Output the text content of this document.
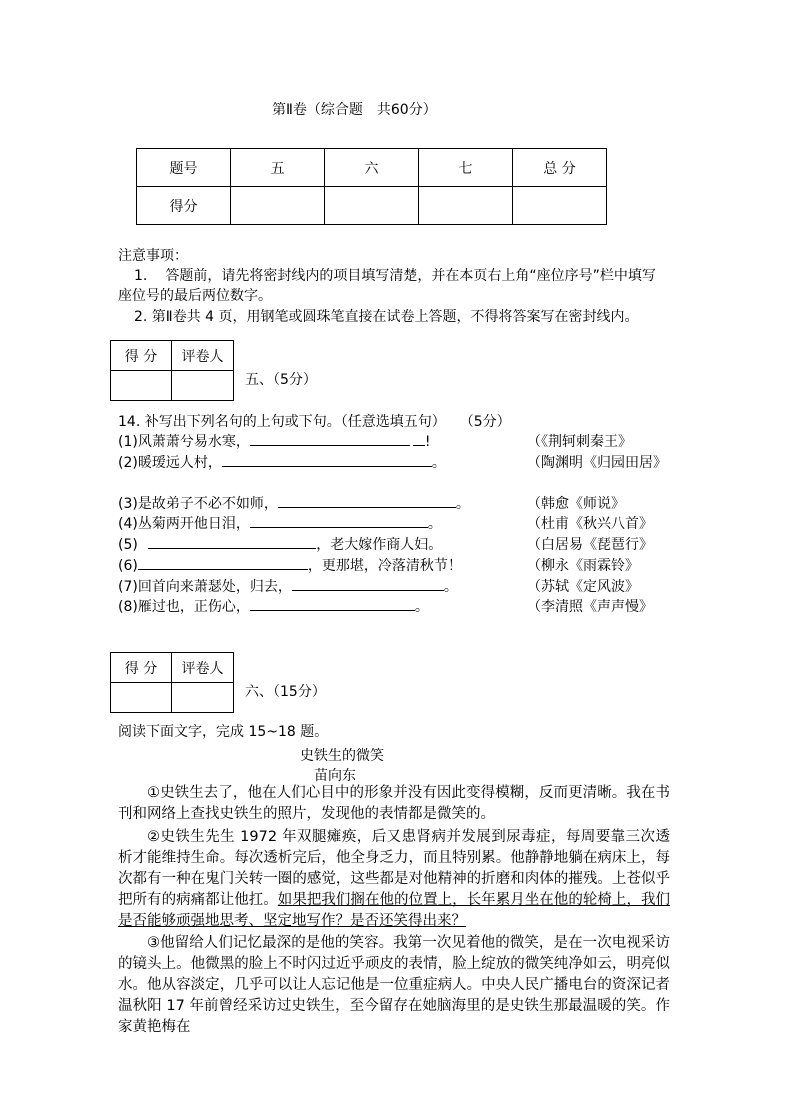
第Ⅱ卷（综合题　共60分）
题号	五	六	七	总 分
得分				
注意事项：
1. 答题前，请先将密封线内的项目填写清楚，并在本页右上角“座位序号”栏中填写
座位号的最后两位数字。
2. 第Ⅱ卷共 4 页，用钢笔或圆珠笔直接在试卷上答题，不得将答案写在密封线内。
得 分	评卷人

五、（5分）
14. 补写出下列名句的上句或下句。（任意选填五句）　　（5分）
(1)风萧萧兮易水寒，	!	（《荆轲刺秦王》
(2)暖瑷远人村，	。	（陶渊明《归园田居》
(3)是故弟子不必不如师，	。	（韩愈《师说》
(4)丛菊两开他日泪，	。	（杜甫《秋兴八首》
(5)	，老大嫁作商人妇。	（白居易《琵琶行》
(6)	，更那堪，冷落清秋节！	（柳永《雨霖铃》
(7)回首向来萧瑟处，归去，	。	（苏轼《定风波》
(8)雁过也，正伤心，	。	（李清照《声声慢》
得 分	评卷人

六、（15分）
阅读下面文字，完成 15~18 题。
史铁生的微笑
苗向东
①史铁生去了，他在人们心目中的形象并没有因此变得模糊，反而更清晰。我在书刊和网络上查找史铁生的照片，发现他的表情都是微笑的。
②史铁生先生 1972 年双腿瘫痪，后又患肾病并发展到尿毒症，每周要靠三次透析才能维持生命。每次透析完后，他全身乏力，而且特别累。他静静地躺在病床上，每次都有一种在鬼门关转一圈的感觉，这些都是对他精神的折磨和肉体的摧残。上苍似乎把所有的病痛都让他扛。如果把我们搁在他的位置上，长年累月坐在他的轮椅上，我们是否能够顽强地思考、坚定地写作？是否还笑得出来？
③他留给人们记忆最深的是他的笑容。我第一次见着他的微笑，是在一次电视采访的镜头上。他微黑的脸上不时闪过近乎顽皮的表情，脸上绽放的微笑纯净如云，明亮似水。他从容淡定，几乎可以让人忘记他是一位重症病人。中央人民广播电台的资深记者温秋阳 17 年前曾经采访过史铁生，至今留存在她脑海里的是史铁生那最温暖的笑。作家黄艳梅在
